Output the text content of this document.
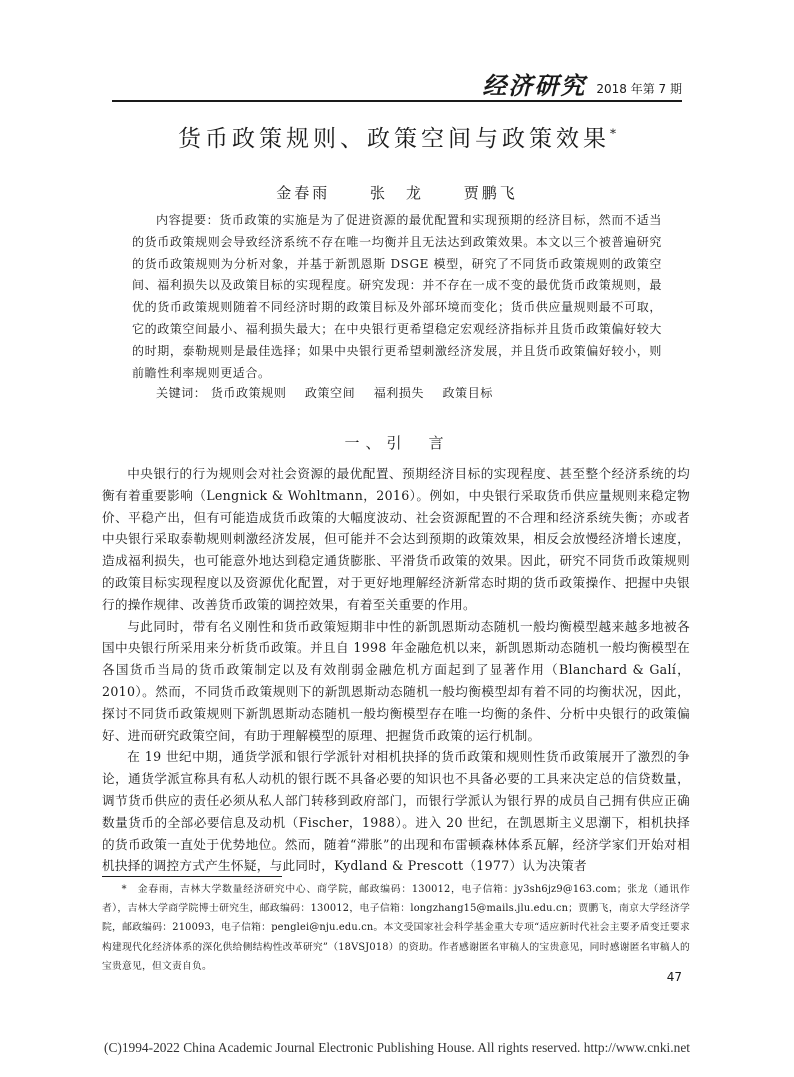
经济研究 2018 年第 7 期
货币政策规则、政策空间与政策效果*
金春雨	张　龙	贾鹏飞
内容提要：货币政策的实施是为了促进资源的最优配置和实现预期的经济目标，然而不适当的货币政策规则会导致经济系统不存在唯一均衡并且无法达到政策效果。本文以三个被普遍研究的货币政策规则为分析对象，并基于新凯恩斯 DSGE 模型，研究了不同货币政策规则的政策空间、福利损失以及政策目标的实现程度。研究发现：并不存在一成不变的最优货币政策规则，最优的货币政策规则随着不同经济时期的政策目标及外部环境而变化；货币供应量规则最不可取，它的政策空间最小、福利损失最大；在中央银行更希望稳定宏观经济指标并且货币政策偏好较大的时期，泰勒规则是最佳选择；如果中央银行更希望刺激经济发展，并且货币政策偏好较小，则前瞻性利率规则更适合。
关键词： 货币政策规则 政策空间 福利损失 政策目标
一、引　言

中央银行的行为规则会对社会资源的最优配置、预期经济目标的实现程度、甚至整个经济系统的均衡有着重要影响（Lengnick & Wohltmann，2016）。例如，中央银行采取货币供应量规则来稳定物价、平稳产出，但有可能造成货币政策的大幅度波动、社会资源配置的不合理和经济系统失衡；亦或者中央银行采取泰勒规则刺激经济发展，但可能并不会达到预期的政策效果，相反会放慢经济增长速度，造成福利损失，也可能意外地达到稳定通货膨胀、平滑货币政策的效果。因此，研究不同货币政策规则的政策目标实现程度以及资源优化配置，对于更好地理解经济新常态时期的货币政策操作、把握中央银行的操作规律、改善货币政策的调控效果，有着至关重要的作用。

与此同时，带有名义刚性和货币政策短期非中性的新凯恩斯动态随机一般均衡模型越来越多地被各国中央银行所采用来分析货币政策。并且自 1998 年金融危机以来，新凯恩斯动态随机一般均衡模型在各国货币当局的货币政策制定以及有效削弱金融危机方面起到了显著作用（Blanchard & Galí，2010）。然而，不同货币政策规则下的新凯恩斯动态随机一般均衡模型却有着不同的均衡状况，因此，探讨不同货币政策规则下新凯恩斯动态随机一般均衡模型存在唯一均衡的条件、分析中央银行的政策偏好、进而研究政策空间，有助于理解模型的原理、把握货币政策的运行机制。

在 19 世纪中期，通货学派和银行学派针对相机抉择的货币政策和规则性货币政策展开了激烈的争论，通货学派宣称具有私人动机的银行既不具备必要的知识也不具备必要的工具来决定总的信贷数量，调节货币供应的责任必须从私人部门转移到政府部门，而银行学派认为银行界的成员自己拥有供应正确数量货币的全部必要信息及动机（Fischer，1988）。进入 20 世纪，在凯恩斯主义思潮下，相机抉择的货币政策一直处于优势地位。然而，随着“滞胀”的出现和布雷顿森林体系瓦解，经济学家们开始对相机抉择的调控方式产生怀疑，与此同时，Kydland & Prescott（1977）认为决策者

*　金春雨，吉林大学数量经济研究中心、商学院，邮政编码：130012，电子信箱：jy3sh6jz9@163.com；张龙（通讯作者），吉林大学商学院博士研究生，邮政编码：130012，电子信箱：longzhang15@mails.jlu.edu.cn；贾鹏飞，南京大学经济学院，邮政编码：210093，电子信箱：penglei@nju.edu.cn。本文受国家社会科学基金重大专项“适应新时代社会主要矛盾变迁要求构建现代化经济体系的深化供给侧结构性改革研究”（18VSJ018）的资助。作者感谢匿名审稿人的宝贵意见，同时感谢匿名审稿人的宝贵意见，但文责自负。
47
(C)1994-2022 China Academic Journal Electronic Publishing House. All rights reserved. http://www.cnki.net
